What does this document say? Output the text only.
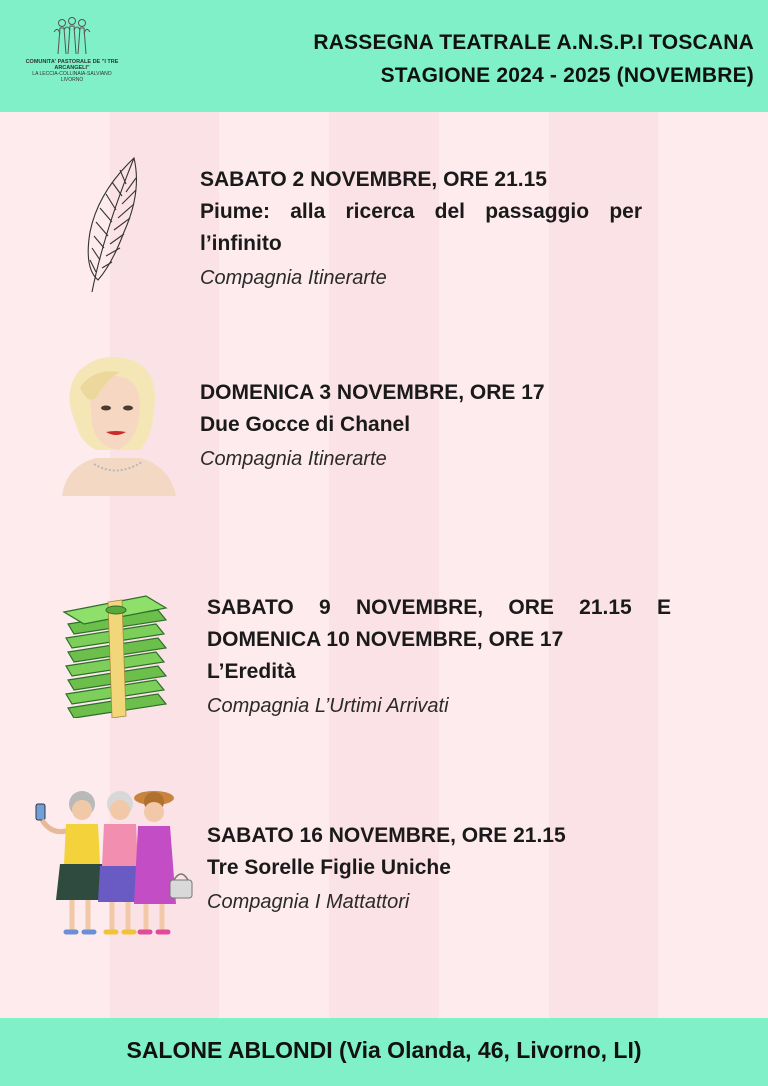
COMUNITA' PASTORALE DE "I TRE ARCANGELI"
LA LECCIA-COLLINAIA-SALVIANO LIVORNO
RASSEGNA TEATRALE A.N.S.P.I TOSCANA
STAGIONE 2024 - 2025 (NOVEMBRE)
SABATO 2 NOVEMBRE, ORE 21.15
Piume: alla ricerca del passaggio per l’infinito
Compagnia Itinerarte
DOMENICA 3 NOVEMBRE, ORE 17
Due Gocce di Chanel
Compagnia Itinerarte
SABATO 9 NOVEMBRE, ORE 21.15 E DOMENICA 10 NOVEMBRE, ORE 17
L’Eredità
Compagnia L’Urtimi Arrivati
SABATO 16 NOVEMBRE, ORE 21.15
Tre Sorelle Figlie Uniche
Compagnia I Mattattori
SALONE ABLONDI (Via Olanda, 46, Livorno, LI)
